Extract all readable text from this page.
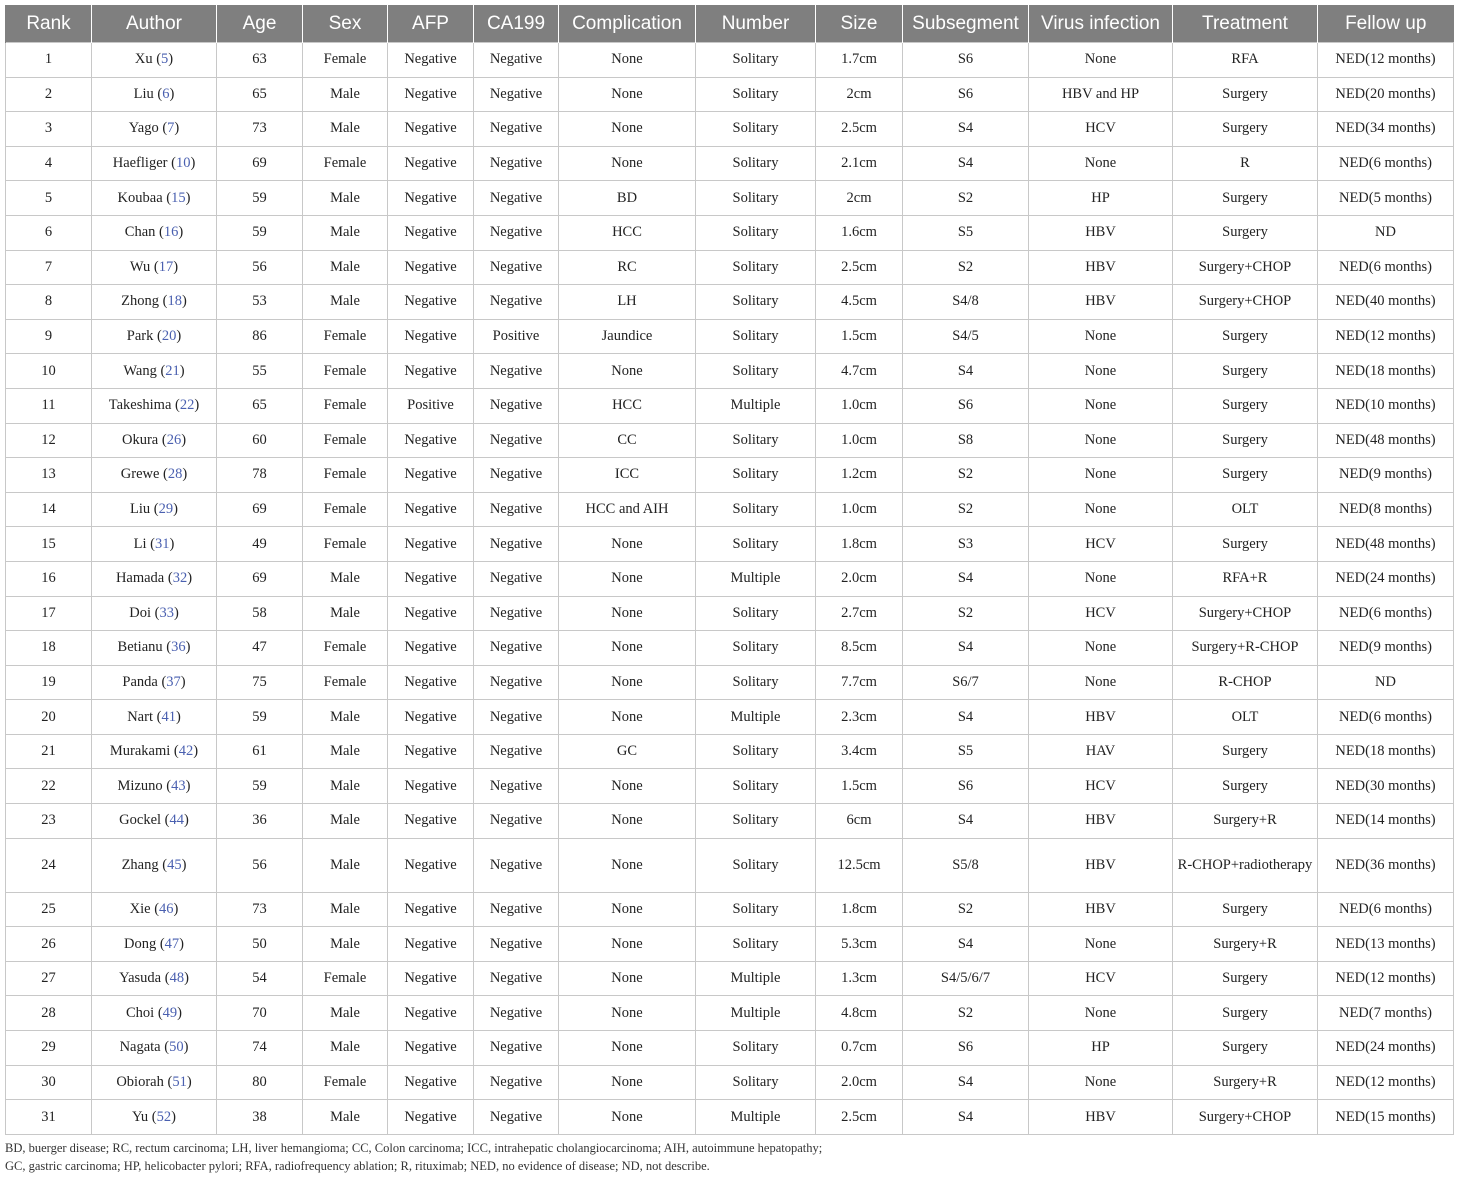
Rank	Author	Age	Sex	AFP	CA199	Complication	Number	Size	Subsegment	Virus infection	Treatment	Fellow up
1	Xu (5)	63	Female	Negative	Negative	None	Solitary	1.7cm	S6	None	RFA	NED(12 months)
2	Liu (6)	65	Male	Negative	Negative	None	Solitary	2cm	S6	HBV and HP	Surgery	NED(20 months)
3	Yago (7)	73	Male	Negative	Negative	None	Solitary	2.5cm	S4	HCV	Surgery	NED(34 months)
4	Haefliger (10)	69	Female	Negative	Negative	None	Solitary	2.1cm	S4	None	R	NED(6 months)
5	Koubaa (15)	59	Male	Negative	Negative	BD	Solitary	2cm	S2	HP	Surgery	NED(5 months)
6	Chan (16)	59	Male	Negative	Negative	HCC	Solitary	1.6cm	S5	HBV	Surgery	ND
7	Wu (17)	56	Male	Negative	Negative	RC	Solitary	2.5cm	S2	HBV	Surgery+CHOP	NED(6 months)
8	Zhong (18)	53	Male	Negative	Negative	LH	Solitary	4.5cm	S4/8	HBV	Surgery+CHOP	NED(40 months)
9	Park (20)	86	Female	Negative	Positive	Jaundice	Solitary	1.5cm	S4/5	None	Surgery	NED(12 months)
10	Wang (21)	55	Female	Negative	Negative	None	Solitary	4.7cm	S4	None	Surgery	NED(18 months)
11	Takeshima (22)	65	Female	Positive	Negative	HCC	Multiple	1.0cm	S6	None	Surgery	NED(10 months)
12	Okura (26)	60	Female	Negative	Negative	CC	Solitary	1.0cm	S8	None	Surgery	NED(48 months)
13	Grewe (28)	78	Female	Negative	Negative	ICC	Solitary	1.2cm	S2	None	Surgery	NED(9 months)
14	Liu (29)	69	Female	Negative	Negative	HCC and AIH	Solitary	1.0cm	S2	None	OLT	NED(8 months)
15	Li (31)	49	Female	Negative	Negative	None	Solitary	1.8cm	S3	HCV	Surgery	NED(48 months)
16	Hamada (32)	69	Male	Negative	Negative	None	Multiple	2.0cm	S4	None	RFA+R	NED(24 months)
17	Doi (33)	58	Male	Negative	Negative	None	Solitary	2.7cm	S2	HCV	Surgery+CHOP	NED(6 months)
18	Betianu (36)	47	Female	Negative	Negative	None	Solitary	8.5cm	S4	None	Surgery+R-CHOP	NED(9 months)
19	Panda (37)	75	Female	Negative	Negative	None	Solitary	7.7cm	S6/7	None	R-CHOP	ND
20	Nart (41)	59	Male	Negative	Negative	None	Multiple	2.3cm	S4	HBV	OLT	NED(6 months)
21	Murakami (42)	61	Male	Negative	Negative	GC	Solitary	3.4cm	S5	HAV	Surgery	NED(18 months)
22	Mizuno (43)	59	Male	Negative	Negative	None	Solitary	1.5cm	S6	HCV	Surgery	NED(30 months)
23	Gockel (44)	36	Male	Negative	Negative	None	Solitary	6cm	S4	HBV	Surgery+R	NED(14 months)
24	Zhang (45)	56	Male	Negative	Negative	None	Solitary	12.5cm	S5/8	HBV	R-CHOP+radiotherapy	NED(36 months)
25	Xie (46)	73	Male	Negative	Negative	None	Solitary	1.8cm	S2	HBV	Surgery	NED(6 months)
26	Dong (47)	50	Male	Negative	Negative	None	Solitary	5.3cm	S4	None	Surgery+R	NED(13 months)
27	Yasuda (48)	54	Female	Negative	Negative	None	Multiple	1.3cm	S4/5/6/7	HCV	Surgery	NED(12 months)
28	Choi (49)	70	Male	Negative	Negative	None	Multiple	4.8cm	S2	None	Surgery	NED(7 months)
29	Nagata (50)	74	Male	Negative	Negative	None	Solitary	0.7cm	S6	HP	Surgery	NED(24 months)
30	Obiorah (51)	80	Female	Negative	Negative	None	Solitary	2.0cm	S4	None	Surgery+R	NED(12 months)
31	Yu (52)	38	Male	Negative	Negative	None	Multiple	2.5cm	S4	HBV	Surgery+CHOP	NED(15 months)
BD, buerger disease; RC, rectum carcinoma; LH, liver hemangioma; CC, Colon carcinoma; ICC, intrahepatic cholangiocarcinoma; AIH, autoimmune hepatopathy;
GC, gastric carcinoma; HP, helicobacter pylori; RFA, radiofrequency ablation; R, rituximab; NED, no evidence of disease; ND, not describe.
